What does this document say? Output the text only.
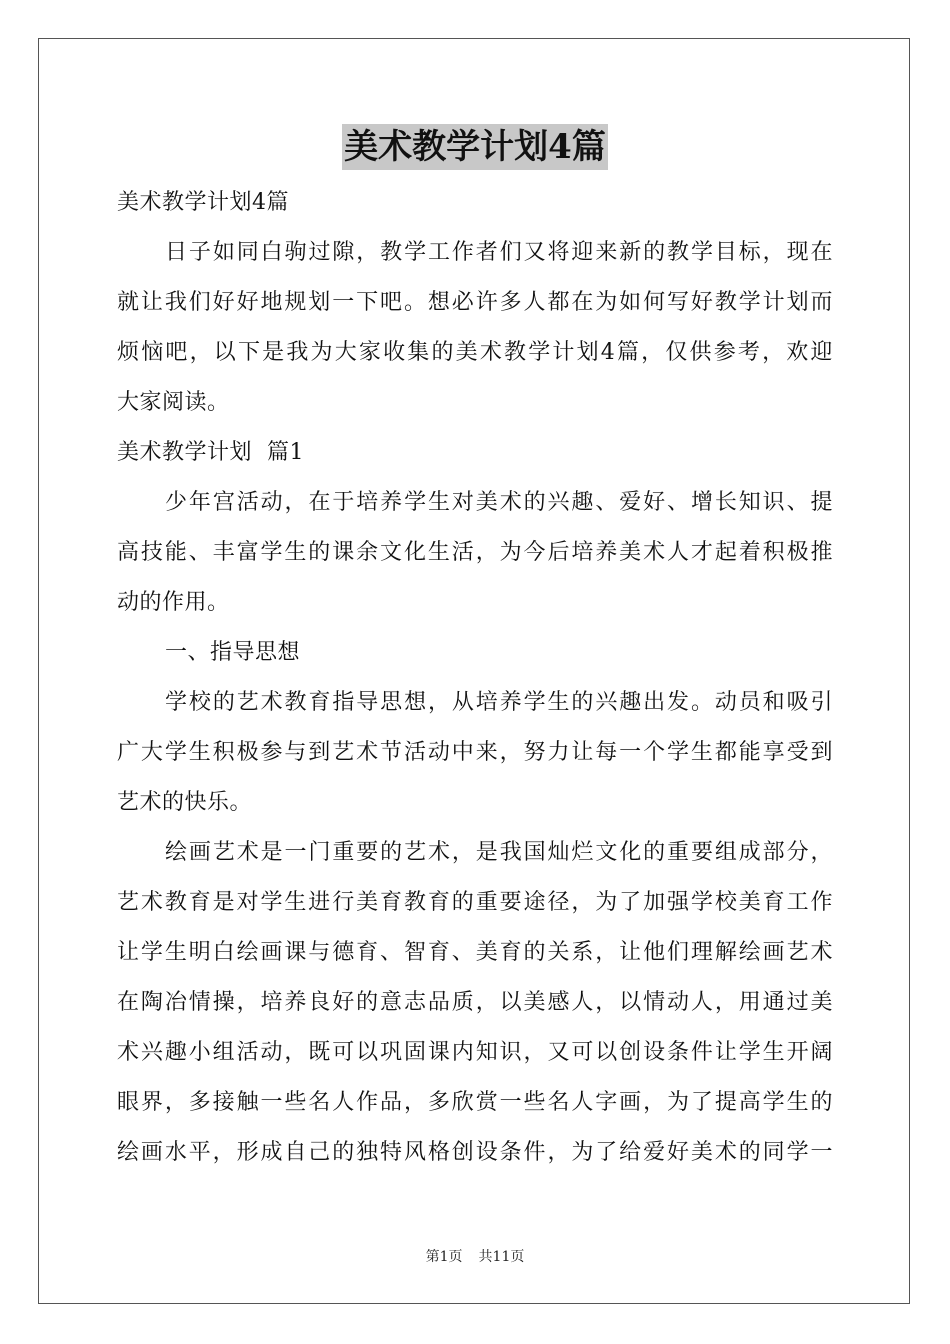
美术教学计划4篇
美术教学计划4篇
日子如同白驹过隙，教学工作者们又将迎来新的教学目标，现在
就让我们好好地规划一下吧。想必许多人都在为如何写好教学计划而
烦恼吧，以下是我为大家收集的美术教学计划4篇，仅供参考，欢迎
大家阅读。
美术教学计划  篇1
少年宫活动，在于培养学生对美术的兴趣、爱好、增长知识、提
高技能、丰富学生的课余文化生活，为今后培养美术人才起着积极推
动的作用。
一、指导思想
学校的艺术教育指导思想，从培养学生的兴趣出发。动员和吸引
广大学生积极参与到艺术节活动中来，努力让每一个学生都能享受到
艺术的快乐。
绘画艺术是一门重要的艺术，是我国灿烂文化的重要组成部分，
艺术教育是对学生进行美育教育的重要途径，为了加强学校美育工作
让学生明白绘画课与德育、智育、美育的关系，让他们理解绘画艺术
在陶冶情操，培养良好的意志品质，以美感人，以情动人，用通过美
术兴趣小组活动，既可以巩固课内知识，又可以创设条件让学生开阔
眼界，多接触一些名人作品，多欣赏一些名人字画，为了提高学生的
绘画水平，形成自己的独特风格创设条件，为了给爱好美术的同学一
第1页 共11页
